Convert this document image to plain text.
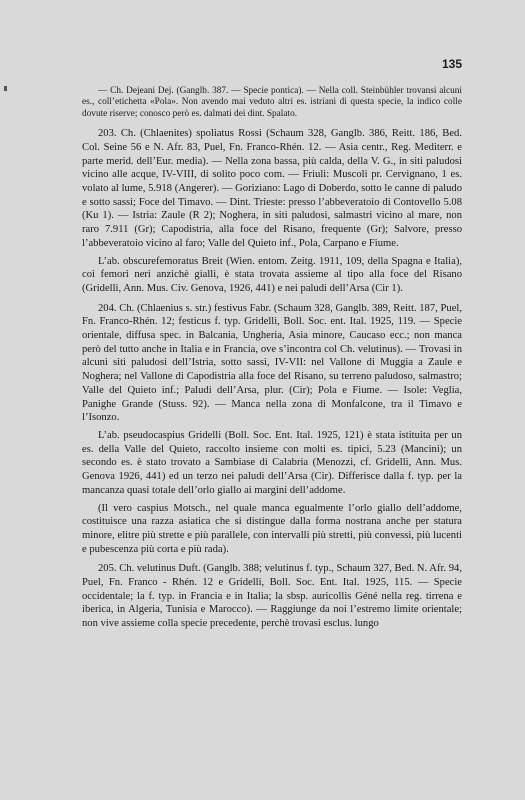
135

— Ch. Dejeani Dej. (Ganglb. 387. — Specie pontica). — Nella coll. Steinbühler trovansi alcuni es., coll’etichetta «Pola». Non avendo mai veduto altri es. istriani di questa specie, la indico colle dovute riserve; conosco però es. dalmati dei dint. Spalato.

203. Ch. (Chlaenites) spoliatus Rossi (Schaum 328, Ganglb. 386, Reitt. 186, Bed. Col. Seine 56 e N. Afr. 83, Puel, Fn. Franco-Rhén. 12. — Asia centr., Reg. Mediterr. e parte merid. dell’Eur. media). — Nella zona bassa, più calda, della V. G., in siti paludosi vicino alle acque, IV-VIII, di solito poco com. — Friuli: Muscoli pr. Cervignano, 1 es. volato al lume, 5.918 (Angerer). — Goriziano: Lago di Doberdo, sotto le canne di paludo e sotto sassi; Foce del Timavo. — Dint. Trieste: presso l’abbeveratoio di Contovello 5.08 (Ku 1). — Istria: Zaule (R 2); Noghera, in siti paludosi, salmastri vicino al mare, non raro 7.911 (Gr); Capodistria, alla foce del Risano, frequente (Gr); Salvore, presso l’abbeveratoio vicino al faro; Valle del Quieto inf., Pola, Carpano e Fiume.

L’ab. obscurefemoratus Breit (Wien. entom. Zeitg. 1911, 109, della Spagna e Italia), coi femori neri anzichè gialli, è stata trovata assieme al tipo alla foce del Risano (Gridelli, Ann. Mus. Civ. Genova, 1926, 441) e nei paludi dell’Arsa (Cir 1).

204. Ch. (Chlaenius s. str.) festivus Fabr. (Schaum 328, Ganglb. 389, Reitt. 187, Puel, Fn. Franco-Rhén. 12; festicus f. typ. Gridelli, Boll. Soc. ent. Ital. 1925, 119. — Specie orientale, diffusa spec. in Balcania, Ungheria, Asia minore, Caucaso ecc.; non manca però del tutto anche in Italia e in Francia, ove s’incontra col Ch. velutinus). — Trovasi in alcuni siti paludosi dell’Istria, sotto sassi, IV-VII: nel Vallone di Muggia a Zaule e Noghera; nel Vallone di Capodistria alla foce del Risano, su terreno paludoso, salmastro; Valle del Quieto inf.; Paludi dell’Arsa, plur. (Cir); Pola e Fiume. — Isole: Veglia, Panighe Grande (Stuss. 92). — Manca nella zona di Monfalcone, tra il Timavo e l’Isonzo.

L’ab. pseudocaspius Gridelli (Boll. Soc. Ent. Ital. 1925, 121) è stata istituita per un es. della Valle del Quieto, raccolto insieme con molti es. tipici, 5.23 (Mancini); un secondo es. è stato trovato a Sambiase di Calabria (Menozzi, cf. Gridelli, Ann. Mus. Genova 1926, 441) ed un terzo nei paludi dell’Arsa (Cir). Differisce dalla f. typ. per la mancanza quasi totale dell’orlo giallo ai margini dell’addome.

(Il vero caspius Motsch., nel quale manca egualmente l’orlo giallo dell’addome, costituisce una razza asiatica che si distingue dalla forma nostrana anche per statura minore, elitre più strette e più parallele, con intervalli più stretti, più convessi, più lucenti e pubescenza più corta e più rada).

205. Ch. velutinus Duft. (Ganglb. 388; velutinus f. typ., Schaum 327, Bed. N. Afr. 94, Puel, Fn. Franco - Rhén. 12 e Gridelli, Boll. Soc. Ent. Ital. 1925, 115. — Specie occidentale; la f. typ. in Francia e in Italia; la sbsp. auricollis Géné nella reg. tirrena e iberica, in Algeria, Tunisia e Marocco). — Raggiunge da noi l’estremo limite orientale; non vive assieme colla specie precedente, perchè trovasi esclus. lungo
